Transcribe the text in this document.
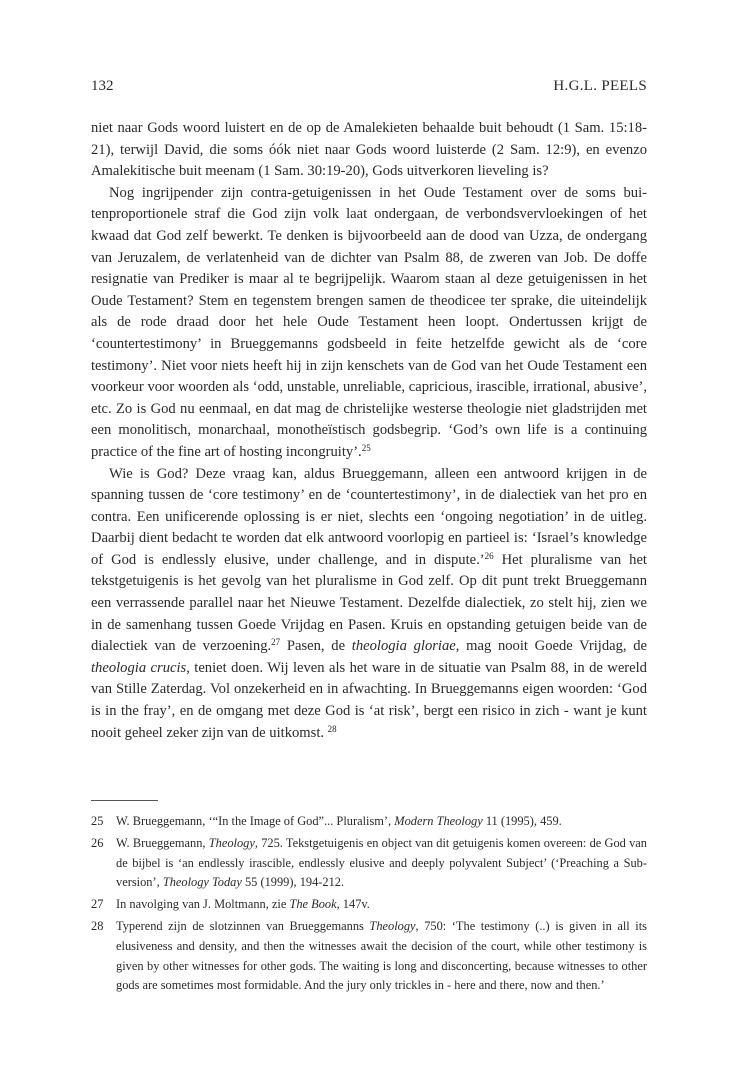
132	H.G.L. PEELS

niet naar Gods woord luistert en de op de Amalekieten behaalde buit behoudt (1 Sam. 15:18-21), terwijl David, die soms óók niet naar Gods woord luisterde (2 Sam. 12:9), en evenzo Amalekitische buit meenam (1 Sam. 30:19-20), Gods uitverkoren lieveling is?

Nog ingrijpender zijn contra-getuigenissen in het Oude Testament over de soms buitenproportionele straf die God zijn volk laat ondergaan, de verbondsvervloekingen of het kwaad dat God zelf bewerkt. Te denken is bijvoorbeeld aan de dood van Uzza, de ondergang van Jeruzalem, de verlatenheid van de dichter van Psalm 88, de zweren van Job. De doffe resignatie van Prediker is maar al te begrijpelijk. Waarom staan al deze getuigenissen in het Oude Testament? Stem en tegenstem brengen samen de theodicee ter sprake, die uiteindelijk als de rode draad door het hele Oude Testament heen loopt. Ondertussen krijgt de ‘countertestimony’ in Brueggemanns godsbeeld in feite hetzelfde gewicht als de ‘core testimony’. Niet voor niets heeft hij in zijn kenschets van de God van het Oude Testament een voorkeur voor woorden als ‘odd, unstable, unreliable, capricious, irascible, irrational, abusive’, etc. Zo is God nu eenmaal, en dat mag de christelijke westerse theologie niet gladstrijden met een monolitisch, monarchaal, monotheïstisch godsbegrip. ‘God’s own life is a continuing practice of the fine art of hosting incongruity’.$^{25}$

Wie is God? Deze vraag kan, aldus Brueggemann, alleen een antwoord krijgen in de spanning tussen de ‘core testimony’ en de ‘countertestimony’, in de dialectiek van het pro en contra. Een unificerende oplossing is er niet, slechts een ‘ongoing negotiation’ in de uitleg. Daarbij dient bedacht te worden dat elk antwoord voorlopig en partieel is: ‘Israel’s knowledge of God is endlessly elusive, under challenge, and in dispute.’$^{26}$ Het pluralisme van het tekstgetuigenis is het gevolg van het pluralisme in God zelf. Op dit punt trekt Brueggemann een verrassende parallel naar het Nieuwe Testament. Dezelfde dialectiek, zo stelt hij, zien we in de samenhang tussen Goede Vrijdag en Pasen. Kruis en opstanding getuigen beide van de dialectiek van de verzoening.$^{27}$ Pasen, de theologia gloriae, mag nooit Goede Vrijdag, de theologia crucis, teniet doen. Wij leven als het ware in de situatie van Psalm 88, in de wereld van Stille Zaterdag. Vol onzekerheid en in afwachting. In Brueggemanns eigen woorden: ‘God is in the fray’, en de omgang met deze God is ‘at risk’, bergt een risico in zich - want je kunt nooit geheel zeker zijn van de uitkomst. $^{28}$

25	W. Brueggemann, ‘“In the Image of God”... Pluralism’, Modern Theology 11 (1995), 459.
26	W. Brueggemann, Theology, 725. Tekstgetuigenis en object van dit getuigenis komen overeen: de God van de bijbel is ‘an endlessly irascible, endlessly elusive and deeply polyvalent Subject’ (‘Preaching a Sub-version’, Theology Today 55 (1999), 194-212.
27	In navolging van J. Moltmann, zie The Book, 147v.
28	Typerend zijn de slotzinnen van Brueggemanns Theology, 750: ‘The testimony (..) is given in all its elusiveness and density, and then the witnesses await the decision of the court, while other testimony is given by other witnesses for other gods. The waiting is long and disconcerting, because witnesses to other gods are sometimes most formidable. And the jury only trickles in - here and there, now and then.’
